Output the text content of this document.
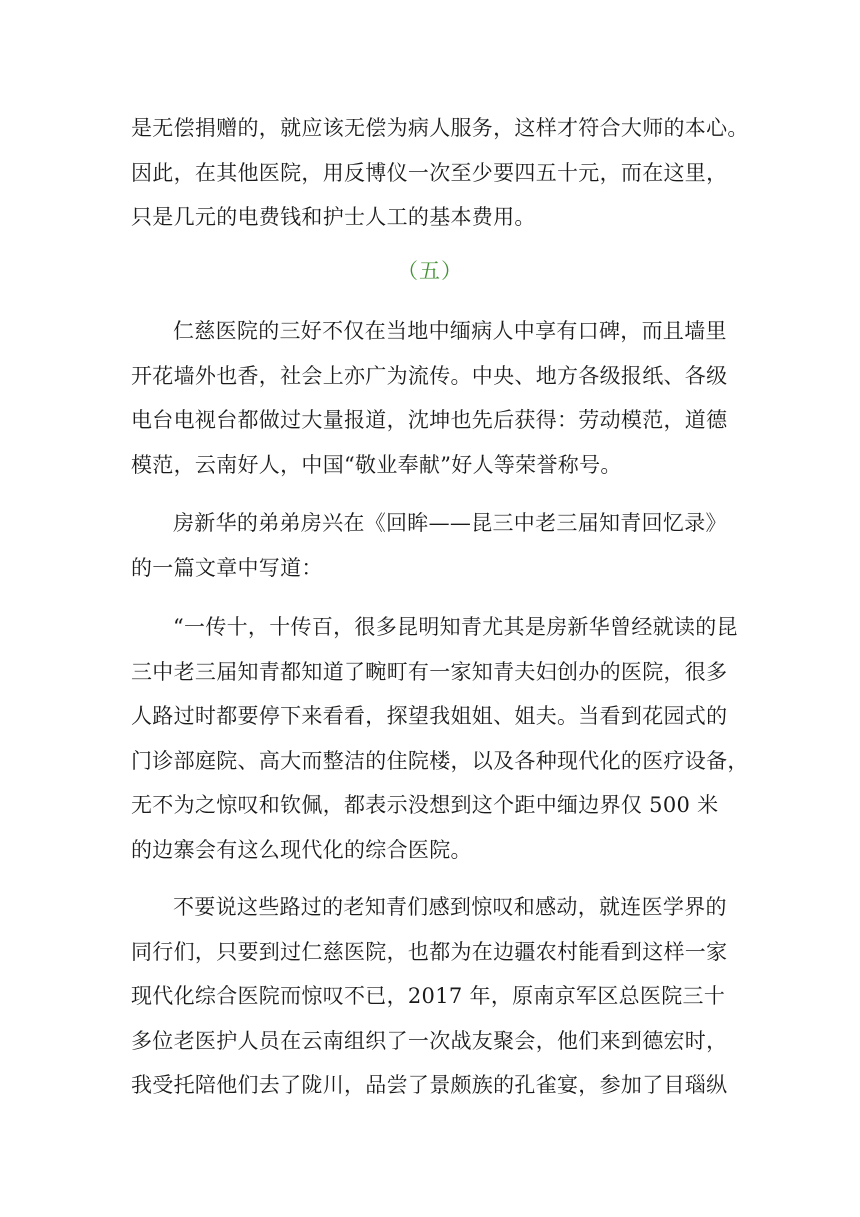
是无偿捐赠的，就应该无偿为病人服务，这样才符合大师的本心。
因此，在其他医院，用反博仪一次至少要四五十元，而在这里，
只是几元的电费钱和护士人工的基本费用。
（五）
仁慈医院的三好不仅在当地中缅病人中享有口碑，而且墙里
开花墙外也香，社会上亦广为流传。中央、地方各级报纸、各级
电台电视台都做过大量报道，沈坤也先后获得：劳动模范，道德
模范，云南好人，中国“敬业奉献”好人等荣誉称号。
房新华的弟弟房兴在《回眸——昆三中老三届知青回忆录》
的一篇文章中写道：
“一传十，十传百，很多昆明知青尤其是房新华曾经就读的昆
三中老三届知青都知道了畹町有一家知青夫妇创办的医院，很多
人路过时都要停下来看看，探望我姐姐、姐夫。当看到花园式的
门诊部庭院、高大而整洁的住院楼，以及各种现代化的医疗设备，
无不为之惊叹和钦佩，都表示没想到这个距中缅边界仅 500 米
的边寨会有这么现代化的综合医院。
不要说这些路过的老知青们感到惊叹和感动，就连医学界的
同行们，只要到过仁慈医院，也都为在边疆农村能看到这样一家
现代化综合医院而惊叹不已，2017 年，原南京军区总医院三十
多位老医护人员在云南组织了一次战友聚会，他们来到德宏时，
我受托陪他们去了陇川，品尝了景颇族的孔雀宴，参加了目瑙纵
